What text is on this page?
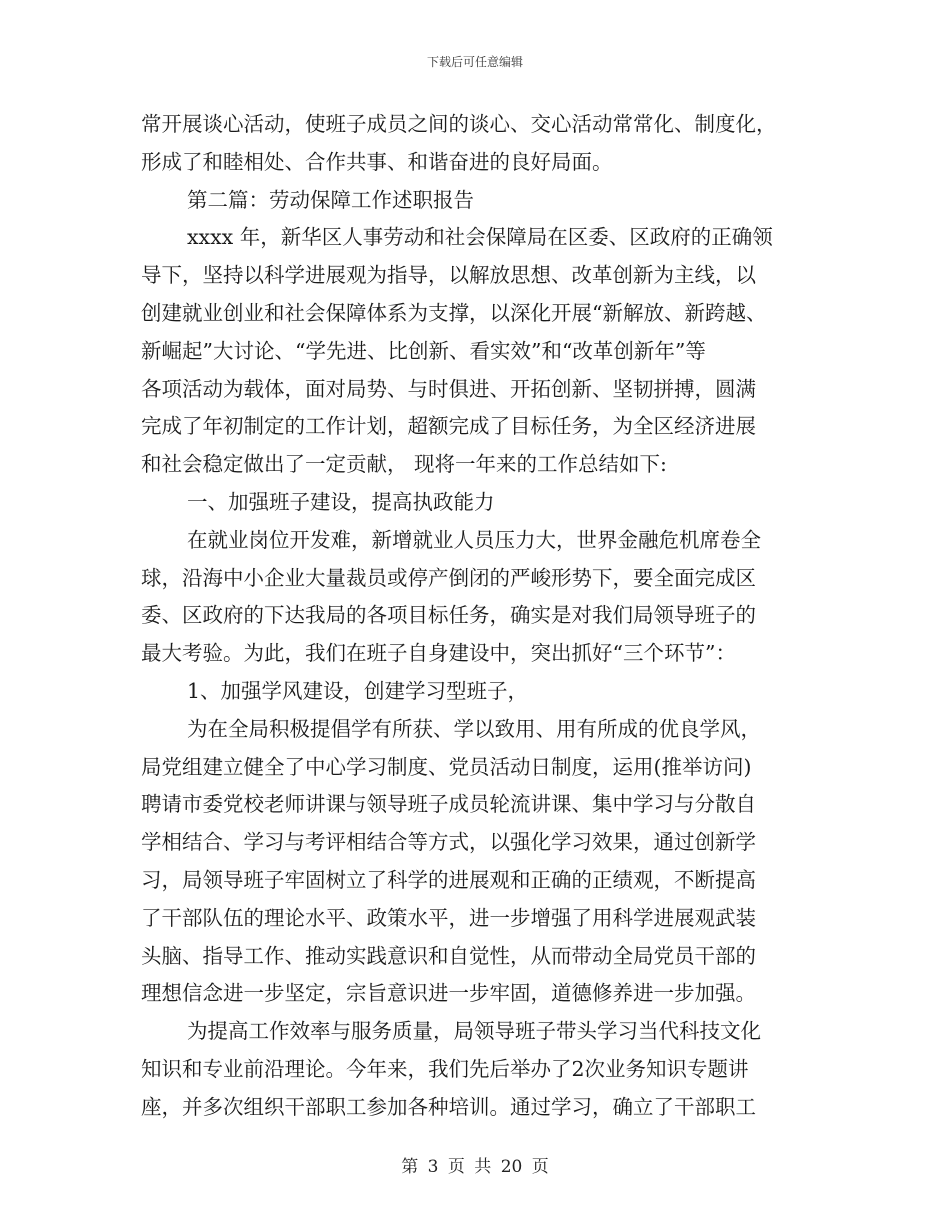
下载后可任意编辑
常开展谈心活动，使班子成员之间的谈心、交心活动常常化、制度化，
形成了和睦相处、合作共事、和谐奋进的良好局面。
第二篇：劳动保障工作述职报告
xxxx 年，新华区人事劳动和社会保障局在区委、区政府的正确领
导下，坚持以科学进展观为指导，以解放思想、改革创新为主线，以
创建就业创业和社会保障体系为支撑，以深化开展“新解放、新跨越、
新崛起”大讨论、“学先进、比创新、看实效”和“改革创新年”等
各项活动为载体，面对局势、与时俱进、开拓创新、坚韧拼搏，圆满
完成了年初制定的工作计划，超额完成了目标任务，为全区经济进展
和社会稳定做出了一定贡献， 现将一年来的工作总结如下:
一、加强班子建设，提高执政能力
在就业岗位开发难，新增就业人员压力大，世界金融危机席卷全
球，沿海中小企业大量裁员或停产倒闭的严峻形势下，要全面完成区
委、区政府的下达我局的各项目标任务，确实是对我们局领导班子的
最大考验。为此，我们在班子自身建设中，突出抓好“三个环节”：
1、加强学风建设，创建学习型班子，
为在全局积极提倡学有所获、学以致用、用有所成的优良学风，
局党组建立健全了中心学习制度、党员活动日制度，运用(推举访问)
聘请市委党校老师讲课与领导班子成员轮流讲课、集中学习与分散自
学相结合、学习与考评相结合等方式，以强化学习效果，通过创新学
习，局领导班子牢固树立了科学的进展观和正确的正绩观，不断提高
了干部队伍的理论水平、政策水平，进一步增强了用科学进展观武装
头脑、指导工作、推动实践意识和自觉性，从而带动全局党员干部的
理想信念进一步坚定，宗旨意识进一步牢固，道德修养进一步加强。
为提高工作效率与服务质量，局领导班子带头学习当代科技文化
知识和专业前沿理论。今年来，我们先后举办了2次业务知识专题讲
座，并多次组织干部职工参加各种培训。通过学习，确立了干部职工
第 3 页 共 20 页
